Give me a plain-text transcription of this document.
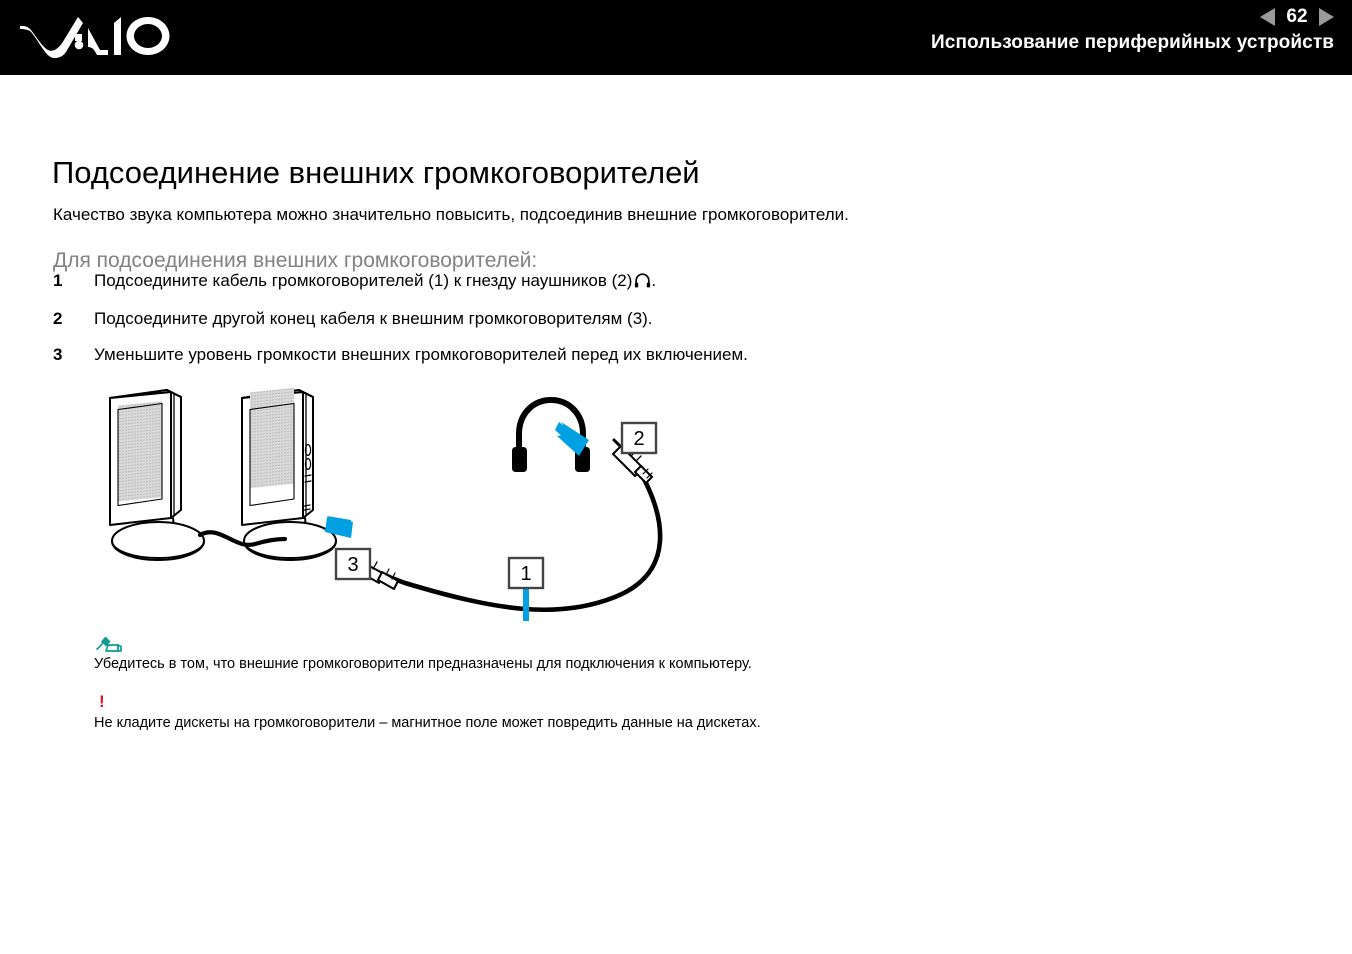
62
Использование периферийных устройств
Подсоединение внешних громкоговорителей

Качество звука компьютера можно значительно повысить, подсоединив внешние громкоговорители.

Для подсоединения внешних громкоговорителей:

1	Подсоедините кабель громкоговорителей (1) к гнезду наушников (2) .
2	Подсоедините другой конец кабеля к внешним громкоговорителям (3).
3	Уменьшите уровень громкости внешних громкоговорителей перед их включением.
1
2
3
Убедитесь в том, что внешние громкоговорители предназначены для подключения к компьютеру.
!
Не кладите дискеты на громкоговорители – магнитное поле может повредить данные на дискетах.
